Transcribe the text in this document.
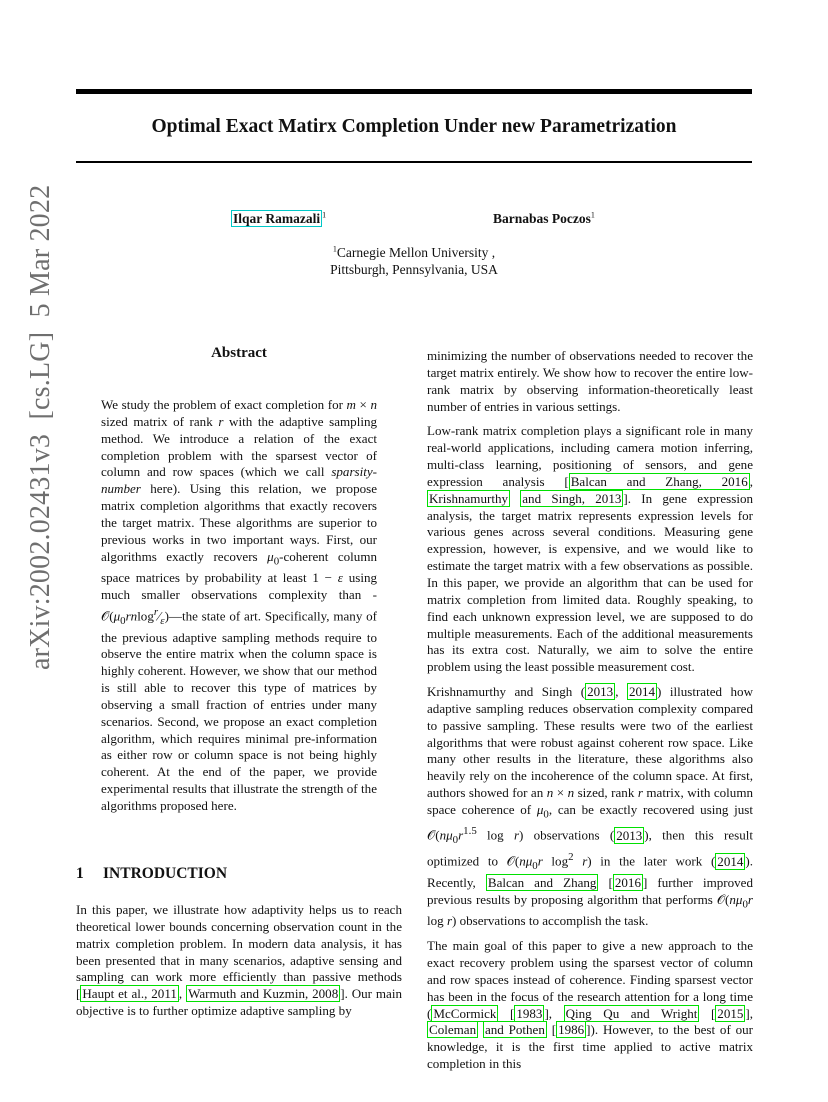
Optimal Exact Matirx Completion Under new Parametrization
Ilqar Ramazali $^1$	Barnabas Poczos$^1$
$^1$Carnegie Mellon University ,
Pittsburgh, Pennsylvania, USA
arXiv:2002.02431v3  [cs.LG]  5 Mar 2022	Abstract

We study the problem of exact completion for m × n sized matrix of rank r with the adaptive sampling method. We introduce a relation of the exact completion problem with the sparsest vector of column and row spaces (which we call sparsity-number here). Using this relation, we propose matrix completion algorithms that exactly recovers the target matrix. These algorithms are superior to previous works in two important ways. First, our algorithms exactly recovers $\mu_0$-coherent column space matrices by probability at least 1 − ε using much smaller observations complexity than - $𝒪(\mu_0rnlog^r⁄_\varepsilon)—the$ state of art. Specifically, many of the previous adaptive sampling methods require to observe the entire matrix when the column space is highly coherent. However, we show that our method is still able to recover this type of matrices by observing a small fraction of entries under many scenarios. Second, we propose an exact completion algorithm, which requires minimal pre-information as either row or column space is not being highly coherent. At the end of the paper, we provide experimental results that illustrate the strength of the algorithms proposed here.

1 INTRODUCTION

In this paper, we illustrate how adaptivity helps us to reach theoretical lower bounds concerning observation count in the matrix completion problem. In modern data analysis, it has been presented that in many scenarios, adaptive sensing and sampling can work more efficiently than passive methods [ Haupt et al., 2011 , Warmuth and Kuzmin, 2008 ]. Our main objective is to further optimize adaptive sampling by

minimizing the number of observations needed to recover the target matrix entirely. We show how to recover the entire low-rank matrix by observing information-theoretically least number of entries in various settings.

Low-rank matrix completion plays a significant role in many real-world applications, including camera motion inferring, multi-class learning, positioning of sensors, and gene expression analysis [ Balcan and Zhang, 2016 , Krishnamurthy and Singh, 2013 ]. In gene expression analysis, the target matrix represents expression levels for various genes across several conditions. Measuring gene expression, however, is expensive, and we would like to estimate the target matrix with a few observations as possible. In this paper, we provide an algorithm that can be used for matrix completion from limited data. Roughly speaking, to find each unknown expression level, we are supposed to do multiple measurements. Each of the additional measurements has its extra cost. Naturally, we aim to solve the entire problem using the least possible measurement cost.

Krishnamurthy and Singh ( 2013 , 2014 ) illustrated how adaptive sampling reduces observation complexity compared to passive sampling. These results were two of the earliest algorithms that were robust against coherent row space. Like many other results in the literature, these algorithms also heavily rely on the incoherence of the column space. At first, authors showed for an n × n sized, rank r matrix, with column space coherence of $\mu_0$, can be exactly recovered using just $𝒪(n\mu_0r^{1.5}$ log r) observations ( 2013 ), then this result optimized to $𝒪(n\mu_0r$ $\log^2 r$) in the later work ( 2014 ). Recently, Balcan and Zhang [ 2016 ] further improved previous results by proposing algorithm that performs $𝒪(n\mu_0r$ log r) observations to accomplish the task.

The main goal of this paper to give a new approach to the exact recovery problem using the sparsest vector of column and row spaces instead of coherence. Finding sparsest vector has been in the focus of the research attention for a long time ( McCormick [ 1983 ], Qing Qu and Wright [ 2015 ], Coleman and Pothen [ 1986 ]). However, to the best of our knowledge, it is the first time applied to active matrix completion in this
